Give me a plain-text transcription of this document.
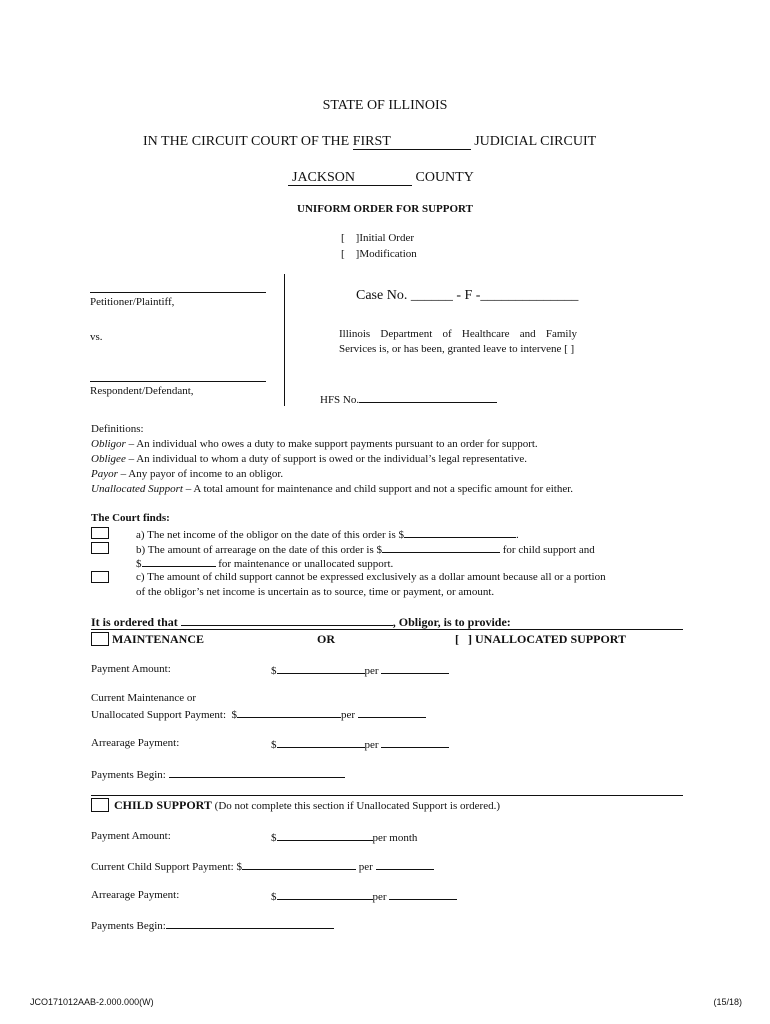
STATE OF ILLINOIS
IN THE CIRCUIT COURT OF THE FIRST	JUDICIAL CIRCUIT
JACKSON	COUNTY
UNIFORM ORDER FOR SUPPORT
[    ]Initial Order
[    ]Modification
Petitioner/Plaintiff,
vs.
Respondent/Defendant,
Case No. ______ - F -______________
Illinois Department of Healthcare and Family Services is, or has been, granted leave to intervene [ ]
HFS No.
Definitions:
Obligor – An individual who owes a duty to make support payments pursuant to an order for support.
Obligee – An individual to whom a duty of support is owed or the individual’s legal representative.
Payor – Any payor of income to an obligor.
Unallocated Support – A total amount for maintenance and child support and not a specific amount for either.
The Court finds:
a) The net income of the obligor on the date of this order is $	.
b) The amount of arrearage on the date of this order is $	for child support and
$	for maintenance or unallocated support.
c) The amount of child support cannot be expressed exclusively as a dollar amount because all or a portion
of the obligor’s net income is uncertain as to source, time or payment, or amount.
It is ordered that	, Obligor, is to provide:
MAINTENANCE	OR	[   ] UNALLOCATED SUPPORT
Payment Amount:	$	per
Current Maintenance or
Unallocated Support Payment: $	per
Arrearage Payment:	$	per
Payments Begin:
CHILD SUPPORT (Do not complete this section if Unallocated Support is ordered.)
Payment Amount:	$	per month
Current Child Support Payment: $	per
Arrearage Payment:	$	per
Payments Begin:
JCO171012AAB-2.000.000(W)	(15/18)
